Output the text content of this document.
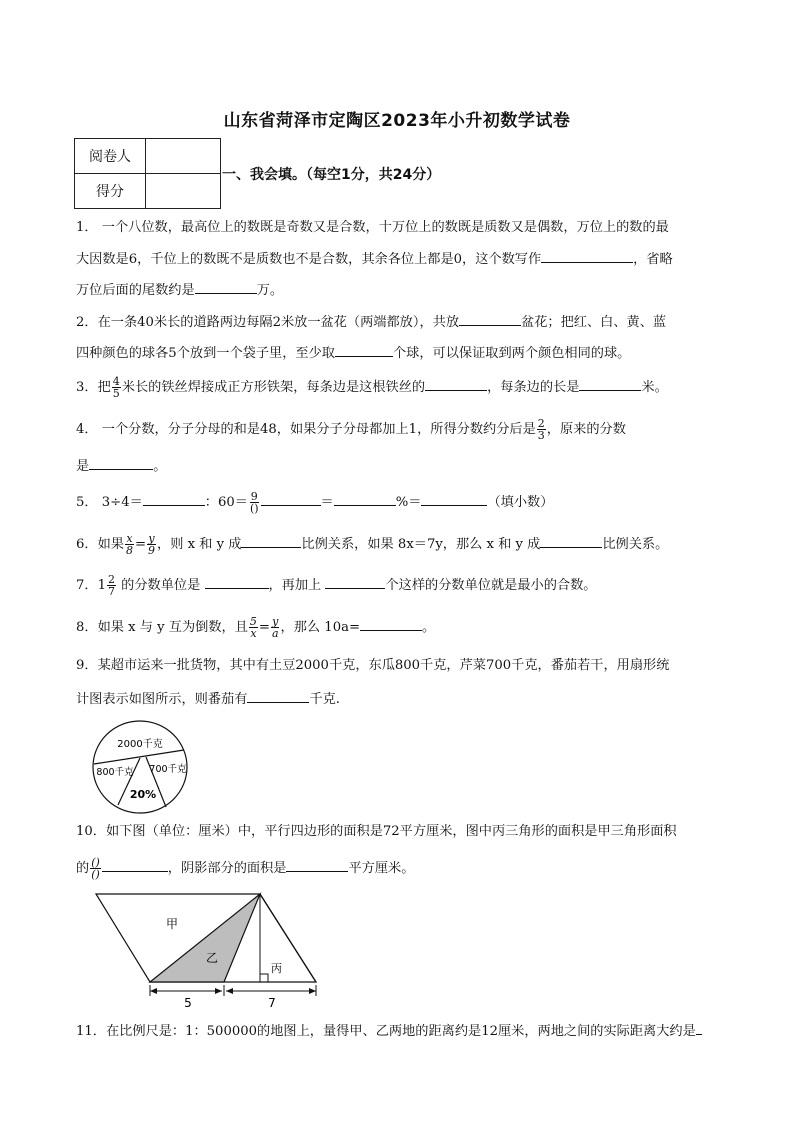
山东省菏泽市定陶区2023年小升初数学试卷
阅卷人	
得分	
一、我会填。（每空1分，共24分）
1． 一个八位数，最高位上的数既是奇数又是合数，十万位上的数既是质数又是偶数，万位上的数的最
大因数是6，千位上的数既不是质数也不是合数，其余各位上都是0，这个数写作	，省略
万位后面的尾数约是	万。
2．在一条40米长的道路两边每隔2米放一盆花（两端都放），共放	盆花；把红、白、黄、蓝
四种颜色的球各5个放到一个袋子里，至少取	个球，可以保证取到两个颜色相同的球。
3．把 $\frac{4}{5}$ 米长的铁丝焊接成正方形铁架，每条边是这根铁丝的	，每条边的长是	米。
4． 一个分数，分子分母的和是48，如果分子分母都加上1，所得分数约分后是 $\frac{2}{3}$ ，原来的分数
是	。
5． 3÷4＝	：$60= \frac{9}{()}$	＝	%＝	（填小数）
6．如果 $\frac{x}{8} = \frac{y}{9}$ ，则 x 和 y 成	比例关系，如果 8x＝7y，那么 x 和 y 成	比例关系。
7．$1 \frac{2}{7}$ 的分数单位是	，再加上	个这样的分数单位就是最小的合数。
8．如果 x 与 y 互为倒数，且 $\frac{5}{x} = \frac{y}{a}$ ，那么 10a=	。
9．某超市运来一批货物，其中有土豆2000千克，东瓜800千克，芹菜700千克，番茄若干，用扇形统
计图表示如图所示，则番茄有	千克.
2000千克
800千克 700千克
20%
10．如下图（单位：厘米）中，平行四边形的面积是72平方厘米，图中丙三角形的面积是甲三角形面积
的 $\frac{()}{()}$	，阴影部分的面积是	平方厘米。
甲
乙
丙
5	7
11．在比例尺是：1：500000的地图上，量得甲、乙两地的距离约是12厘米，两地之间的实际距离大约是
